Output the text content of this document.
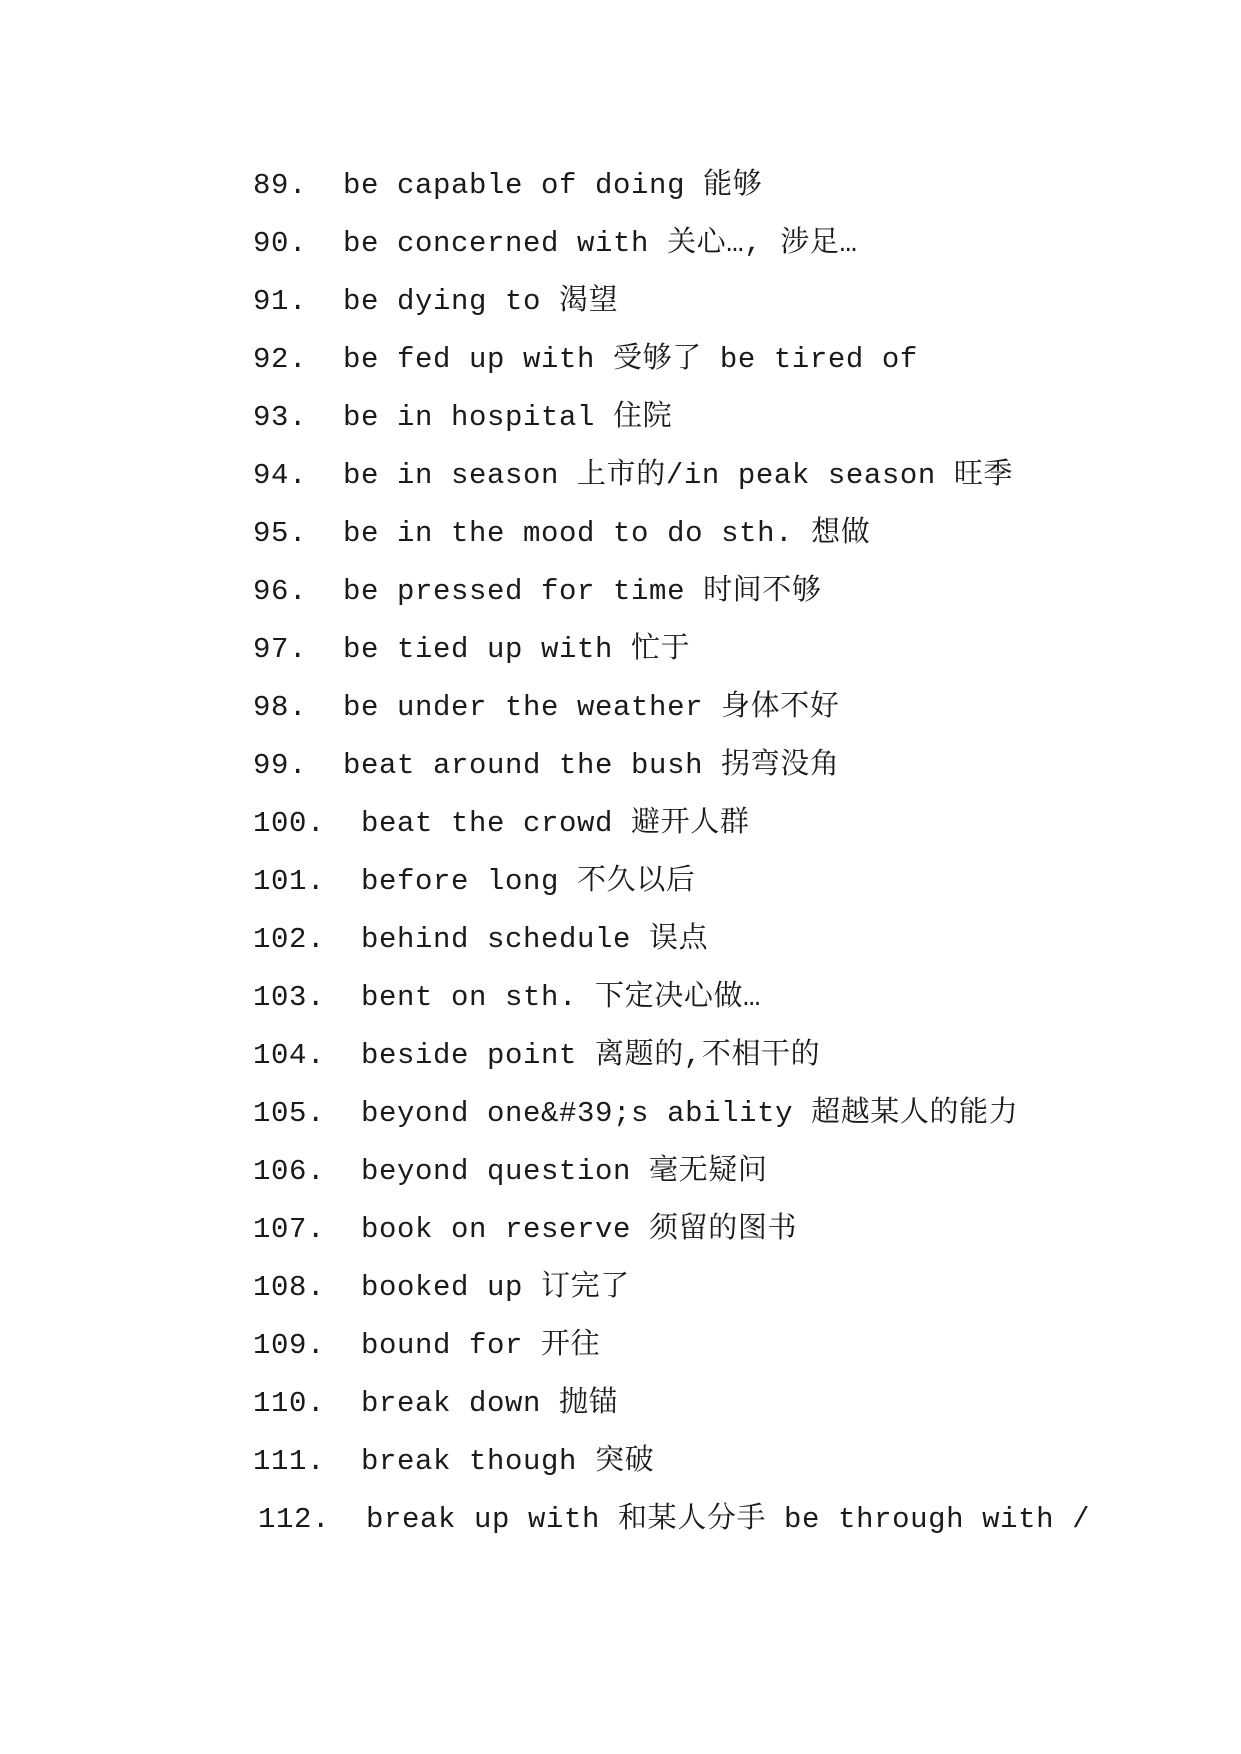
89.  be capable of doing 能够
90.  be concerned with 关心…, 涉足…
91.  be dying to 渴望
92.  be fed up with 受够了 be tired of
93.  be in hospital 住院
94.  be in season 上市的/in peak season 旺季
95.  be in the mood to do sth. 想做
96.  be pressed for time 时间不够
97.  be tied up with 忙于
98.  be under the weather 身体不好
99.  beat around the bush 拐弯没角
100.  beat the crowd 避开人群
101.  before long 不久以后
102.  behind schedule 误点
103.  bent on sth. 下定决心做…
104.  beside point 离题的,不相干的
105.  beyond one&#39;s ability 超越某人的能力
106.  beyond question 毫无疑问
107.  book on reserve 须留的图书
108.  booked up 订完了
109.  bound for 开往
110.  break down 抛锚
111.  break though 突破
112.  break up with 和某人分手 be through with /
